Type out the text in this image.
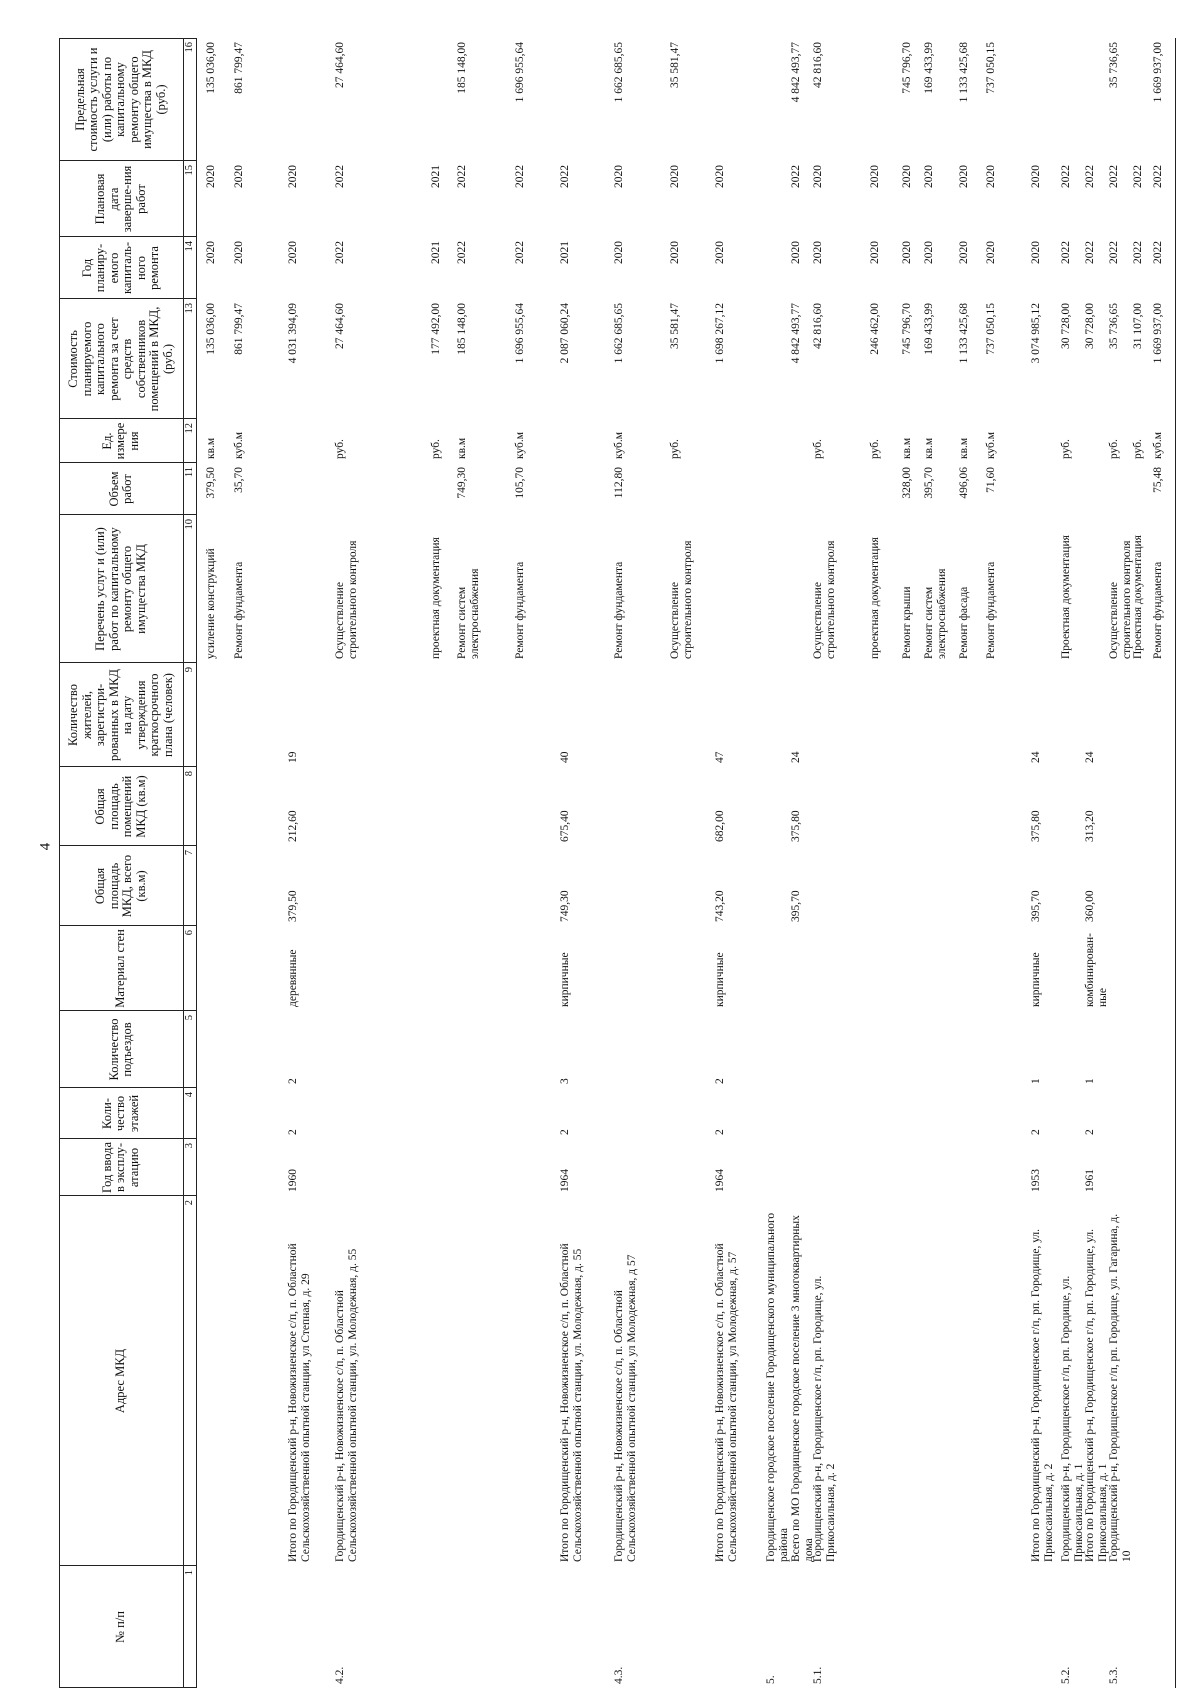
4
№ п/п
1
Адрес МКД
2
Год ввода в эксплу-атацию
3
Коли-чество этажей
4
Количество подъездов
5
Материал стен	6
Общая площадь МКД, всего (кв.м)
7
Общая площадь помещений МКД (кв.м)
8
Количество жителей, зарегистри-рованных в МКД на дату утверждения краткосрочного плана (человек)
9
Перечень услуг и (или) работ по капитальному ремонту общего имущества МКД
10
Объем работ
11
Ед. измере ния
12
Стоимость планируемого капитального ремонта за счет средств собственников помещений в МКД, (руб.)
13
Год планиру-емого капиталь-ного ремонта	14
Плановая дата заверше-ния работ
15
Предельная стоимость услуги и (или) работы по капитальному ремонту общего имущества в МКД (руб.)
16
усиление конструкций
379,50
кв.м
135 036,00
2020
2020
135 036,00
Ремонт фундамента
35,70
куб.м
861 799,47
2020
2020
861 799,47
Итого по Городищенский р-н, Новожизненское с/п, п. Областной Сельскохозяйственной опытной станции, ул Степная, д. 29
1960
2
2
деревянные
379,50
212,60
19
4 031 394,09
2020
2020
4.2.
Городищенский р-н, Новожизненское с/п, п. Областной Сельскохозяйственной опытной станции, ул. Молодежная, д. 55
Осуществление строительного контроля
руб.
27 464,60
2022
2022
27 464,60
проектная документация
руб.
177 492,00
2021
2021
Ремонт систем электроснабжения
749,30
кв.м
185 148,00
2022
2022
185 148,00
Ремонт фундамента
105,70
куб.м
1 696 955,64
2022
2022
1 696 955,64
Итого по Городищенский р-н, Новожизненское с/п, п. Областной Сельскохозяйственной опытной станции, ул. Молодежная, д. 55
1964
2
3
кирпичные
749,30
675,40
40
2 087 060,24
2021
2022
4.3.
Городищенский р-н, Новожизненское с/п, п. Областной Сельскохозяйственной опытной станции, ул Молодежная, д 57
Ремонт фундамента
112,80
куб.м
1 662 685,65
2020
2020
1 662 685,65
Осуществление строительного контроля
руб.
35 581,47
2020
2020
35 581,47
Итого по Городищенский р-н, Новожизненское с/п, п. Областной Сельскохозяйственной опытной станции, ул Молодежная, д. 57
1964
2
2
кирпичные
743,20
682,00
47
1 698 267,12
2020
2020
5.
Городищенское городское поселение Городищенского муниципального района Всего по МО Городищенское городское поселение 3 многоквартирных дома
395,70
375,80
24
4 842 493,77
2020
2022
4 842 493,77
5.1.
Городищенский р-н, Городищенское г/п, рп. Городище, ул. Прикосаильная, д. 2
Осуществление строительного контроля
руб.
42 816,60
2020
2020
42 816,60
проектная документация
руб.
246 462,00
2020
2020
Ремонт крыши
328,00
кв.м
745 796,70
2020
2020
745 796,70
Ремонт систем электроснабжения
395,70
кв.м
169 433,99
2020
2020
169 433,99
Ремонт фасада
496,06
кв.м
1 133 425,68
2020
2020
1 133 425,68
Ремонт фундамента
71,60
куб.м
737 050,15
2020
2020
737 050,15
Итого по Городищенский р-н, Городищенское г/п, рп. Городище, ул. Прикосаильная, д. 2
1953
2
1
кирпичные
395,70
375,80
24
3 074 985,12
2020
2020
5.2.
Городищенский р-н, Городищенское г/п, рп. Городище, ул. Прикосаильная, д. 1
Проектная документация
руб.
30 728,00
2022
2022
Итого по Городищенский р-н, Городищенское г/п, рп. Городище, ул. Прикосаильная, д. 1
1961
2
1
комбинирован-ные
360,00
313,20
24
30 728,00
2022
2022
5.3.
Городищенский р-н, Городищенское г/п, рп. Городище, ул. Гагарина, д. 10
Осуществление строительного контроля
руб.
35 736,65
2022
2022
35 736,65
Проектная документация
руб.
31 107,00
2022
2022
Ремонт фундамента
75,48
куб.м
1 669 937,00
2022
2022
1 669 937,00
